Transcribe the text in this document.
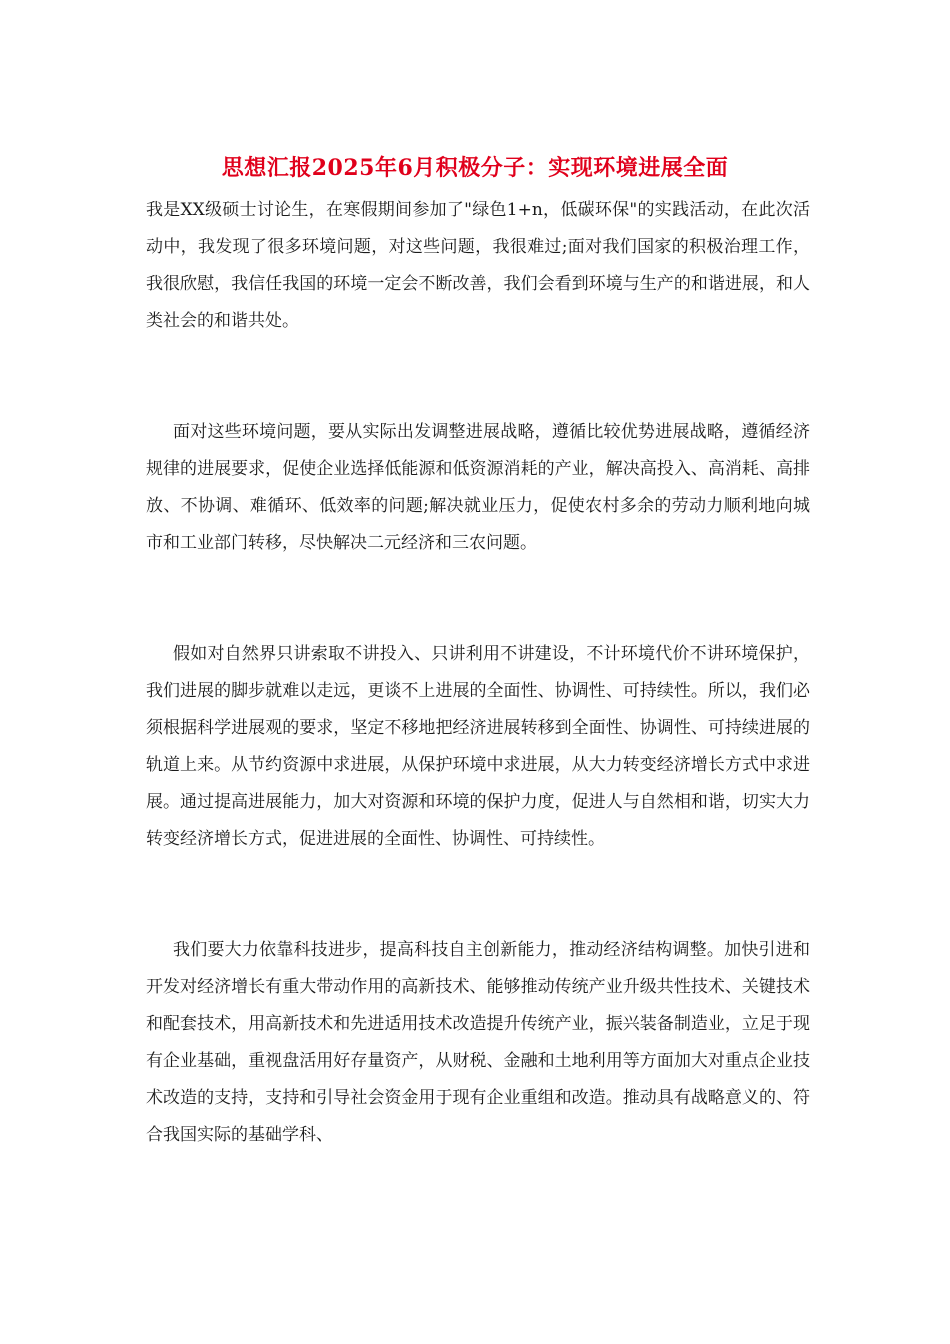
思想汇报2025年6月积极分子：实现环境进展全面

我是XX级硕士讨论生，在寒假期间参加了"绿色1+n，低碳环保"的实践活动，在此次活动中，我发现了很多环境问题，对这些问题，我很难过;面对我们国家的积极治理工作，我很欣慰，我信任我国的环境一定会不断改善，我们会看到环境与生产的和谐进展，和人类社会的和谐共处。

面对这些环境问题，要从实际出发调整进展战略，遵循比较优势进展战略，遵循经济规律的进展要求，促使企业选择低能源和低资源消耗的产业，解决高投入、高消耗、高排放、不协调、难循环、低效率的问题;解决就业压力，促使农村多余的劳动力顺利地向城市和工业部门转移，尽快解决二元经济和三农问题。

假如对自然界只讲索取不讲投入、只讲利用不讲建设，不计环境代价不讲环境保护，我们进展的脚步就难以走远，更谈不上进展的全面性、协调性、可持续性。所以，我们必须根据科学进展观的要求，坚定不移地把经济进展转移到全面性、协调性、可持续进展的轨道上来。从节约资源中求进展，从保护环境中求进展，从大力转变经济增长方式中求进展。通过提高进展能力，加大对资源和环境的保护力度，促进人与自然相和谐，切实大力转变经济增长方式，促进进展的全面性、协调性、可持续性。

我们要大力依靠科技进步，提高科技自主创新能力，推动经济结构调整。加快引进和开发对经济增长有重大带动作用的高新技术、能够推动传统产业升级共性技术、关键技术和配套技术，用高新技术和先进适用技术改造提升传统产业，振兴装备制造业，立足于现有企业基础，重视盘活用好存量资产，从财税、金融和土地利用等方面加大对重点企业技术改造的支持，支持和引导社会资金用于现有企业重组和改造。推动具有战略意义的、符合我国实际的基础学科、
